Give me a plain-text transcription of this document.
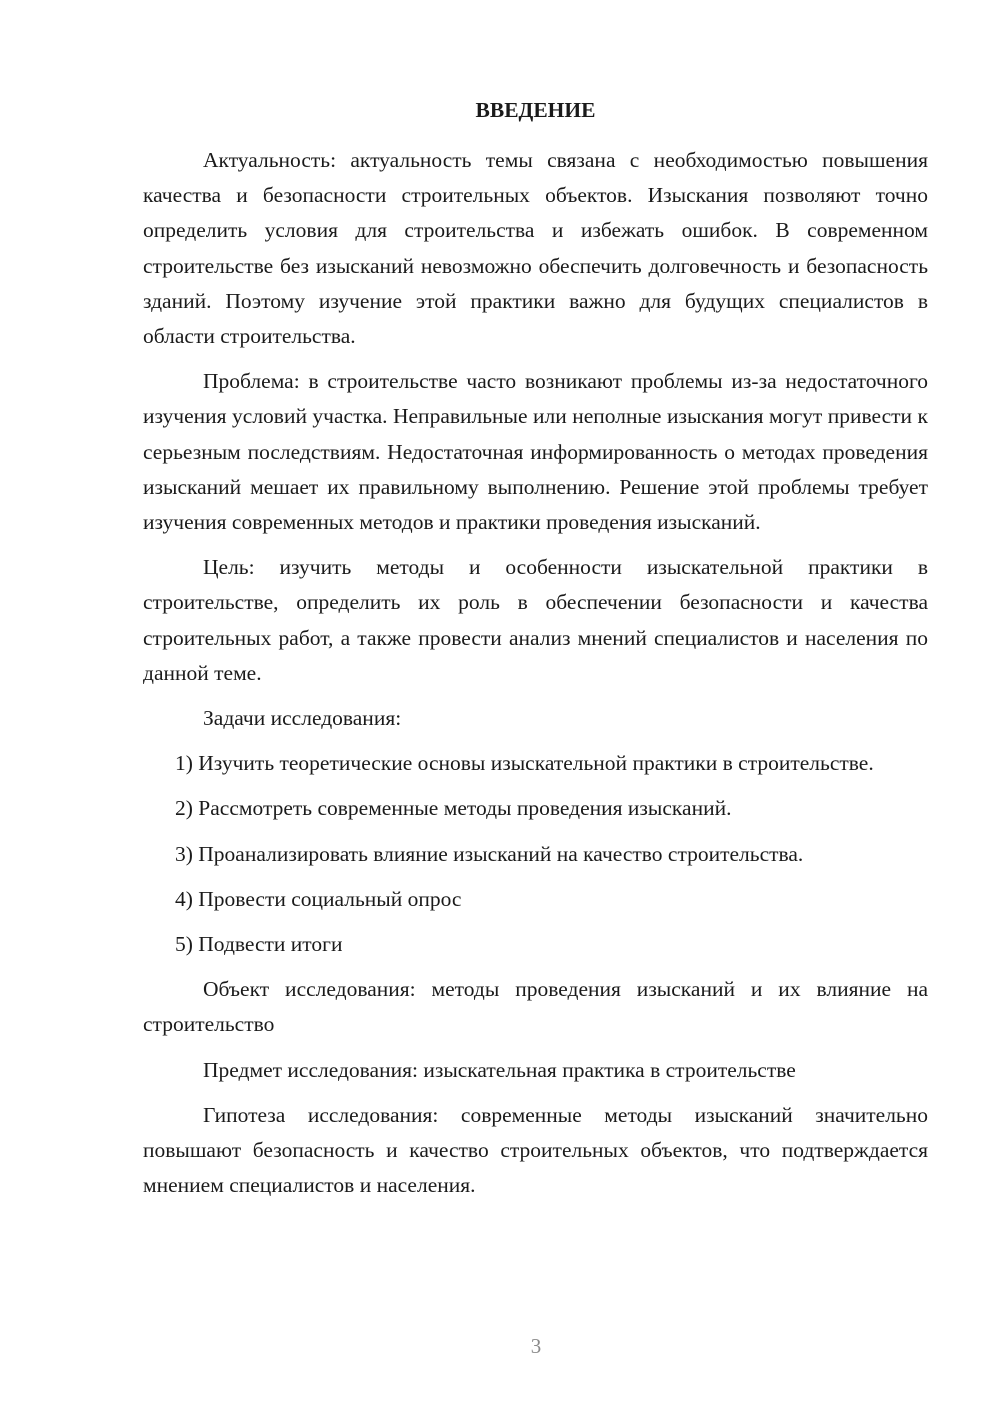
ВВЕДЕНИЕ

Актуальность: актуальность темы связана с необходимостью повышения качества и безопасности строительных объектов. Изыскания позволяют точно определить условия для строительства и избежать ошибок. В современном строительстве без изысканий невозможно обеспечить долговечность и безопасность зданий. Поэтому изучение этой практики важно для будущих специалистов в области строительства.

Проблема: в строительстве часто возникают проблемы из-за недостаточного изучения условий участка. Неправильные или неполные изыскания могут привести к серьезным последствиям. Недостаточная информированность о методах проведения изысканий мешает их правильному выполнению. Решение этой проблемы требует изучения современных методов и практики проведения изысканий.

Цель: изучить методы и особенности изыскательной практики в строительстве, определить их роль в обеспечении безопасности и качества строительных работ, а также провести анализ мнений специалистов и населения по данной теме.

Задачи исследования:

1) Изучить теоретические основы изыскательной практики в строительстве.

2) Рассмотреть современные методы проведения изысканий.

3) Проанализировать влияние изысканий на качество строительства.

4) Провести социальный опрос

5) Подвести итоги

Объект исследования: методы проведения изысканий и их влияние на строительство

Предмет исследования: изыскательная практика в строительстве

Гипотеза исследования: современные методы изысканий значительно повышают безопасность и качество строительных объектов, что подтверждается мнением специалистов и населения.

3
